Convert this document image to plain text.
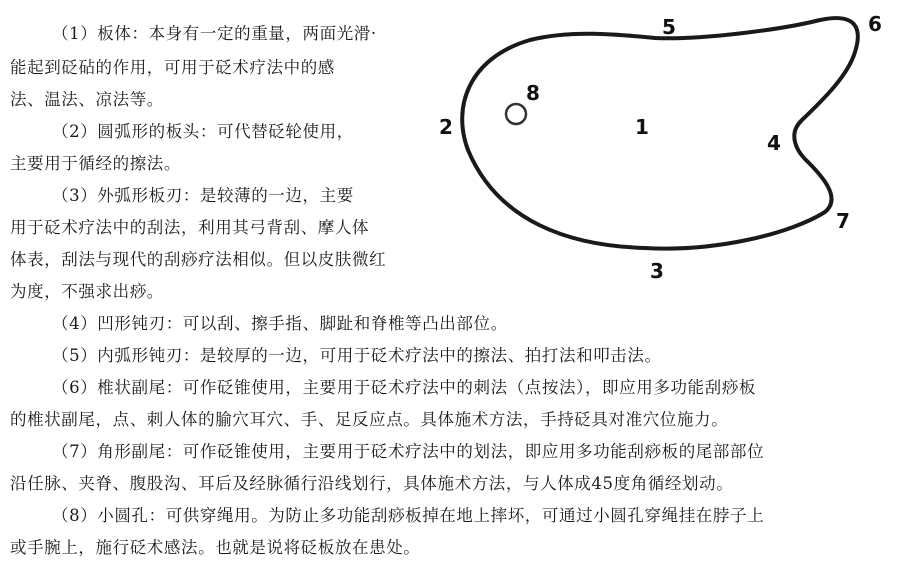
（1）板体：本身有一定的重量，两面光滑·
能起到砭砧的作用，可用于砭术疗法中的感
法、温法、凉法等。
（2）圆弧形的板头：可代替砭轮使用，
主要用于循经的擦法。
（3）外弧形板刃：是较薄的一边，主要
用于砭术疗法中的刮法，利用其弓背刮、摩人体
体表，刮法与现代的刮痧疗法相似。但以皮肤微红
为度，不强求出痧。
（4）凹形钝刃：可以刮、擦手指、脚趾和脊椎等凸出部位。
（5）内弧形钝刃：是较厚的一边，可用于砭术疗法中的擦法、拍打法和叩击法。
（6）椎状副尾：可作砭锥使用，主要用于砭术疗法中的刺法（点按法），即应用多功能刮痧板
的椎状副尾，点、刺人体的腧穴耳穴、手、足反应点。具体施术方法，手持砭具对准穴位施力。
（7）角形副尾：可作砭锥使用，主要用于砭术疗法中的划法，即应用多功能刮痧板的尾部部位
沿任脉、夹脊、腹股沟、耳后及经脉循行沿线划行，具体施术方法，与人体成45度角循经划动。
（8）小圆孔：可供穿绳用。为防止多功能刮痧板掉在地上摔坏，可通过小圆孔穿绳挂在脖子上
或手腕上，施行砭术感法。也就是说将砭板放在患处。
1
2
3
4
5	6
7
8
